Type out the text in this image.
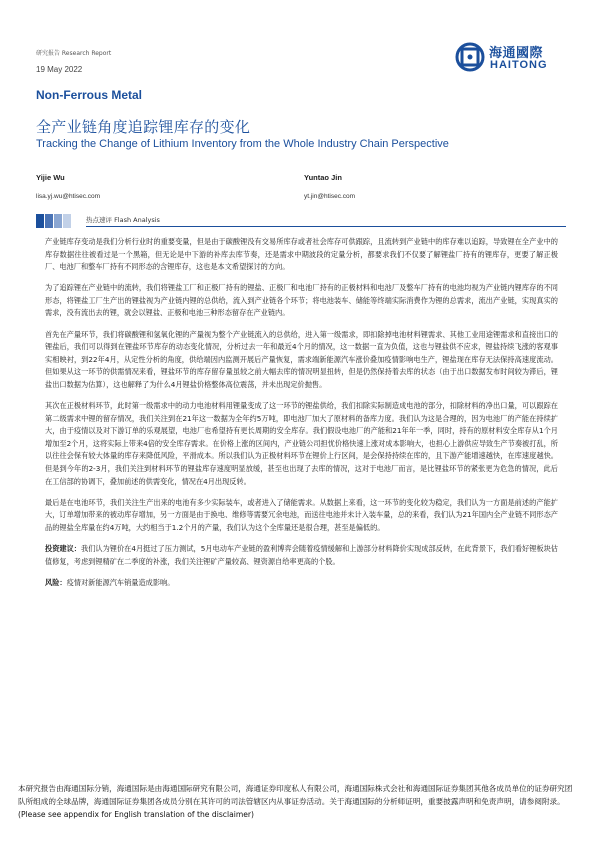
研究报告 Research Report
19 May 2022
海通國際
HAITONG
Non-Ferrous Metal
全产业链角度追踪锂库存的变化
Tracking the Change of Lithium Inventory from the Whole Industry Chain Perspective
Yijie Wu
lisa.yj.wu@htisec.com
Yuntao Jin
yt.jin@htisec.com
热点速评 Flash Analysis

产业链库存变动是我们分析行业时的重要变量，但是由于碳酸锂没有交易所库存或者社会库存可供跟踪，且流转到产业链中的库存难以追踪，导致锂在全产业中的库存数据往往被看过是一个黑箱，但无论是中下游的补库去库节奏，还是需求中期波段的定量分析，都要求我们不仅要了解锂盐厂持有的锂库存，更要了解正极厂、电池厂和整车厂持有不同形态的含锂库存，这也是本文希望探讨的方向。

为了追踪锂在产业链中的流转，我们将锂盐工厂和正极厂持有的锂盐、正极厂和电池厂持有的正极材料和电池厂及整车厂持有的电池均视为产业链内锂库存的不同形态，将锂盐工厂生产出的锂盐视为产业链内锂的总供给，流入到产业链各个环节；将电池装车、储能等终端实际消费作为锂的总需求，流出产业链，实现真实的需求，没有流出去的锂，就会以锂盐、正极和电池三种形态留存在产业链内。

首先在产量环节，我们将碳酸锂和氢氧化锂的产量视为整个产业链流入的总供给，进入第一级需求，即扣除掉电池材料锂需求、其他工业用途锂需求和直接出口的锂盐后，我们可以得到在锂盐环节库存的动态变化情况，分析过去一年和最近4个月的情况，这一数据一直为负值，这也与锂盐供不应求，锂盐持续飞涨的客观事实相映衬，到22年4月，从定性分析的角度，供给端因内监测开展后产量恢复，需求端新能源汽车涨价叠加疫情影响电生产，锂盐现在库存无法保持高速度流动。但如果从这一环节的供需情况来看，锂盐环节的库存留存量虽较之前大幅去库的情况明显扭转，但是仍然保持着去库的状态（由于出口数据发布时间较为滞后，锂盐出口数据为估算），这也解释了为什么4月锂盐价格整体高位震荡，并未出现定价抛售。

其次在正极材料环节，此时第一级需求中的动力电池材料用锂量变成了这一环节的锂盐供给，我们扣除实际制造成电池的部分，扣除材料的净出口量，可以跟踪在第二级需求中锂的留存情况，我们关注到在21年这一数据为全年约5万吨，即电池厂加大了原材料的备库力度。我们认为这是合理的，因为电池厂的产能在持续扩大，由于疫情以及对下游订单的乐观展望，电池厂也希望持有更长周期的安全库存。我们假设电池厂的产能和21年年一季，同时，持有的原材料安全库存从1个月增加至2个月，这将实际上带来4倍的安全库存需求。在价格上涨的区间内，产业链公司担忧价格快速上涨对成本影响大，也担心上游供应导致生产节奏被打乱，所以往往会保有较大体量的库存来降低风险，平滑成本。所以我们认为正极材料环节在锂价上行区间，是会保持持续在库的，且下游产能增速越快，在库速度越快。但是到今年的2-3月，我们关注到材料环节的锂盐库存速度明显放缓，甚至也出现了去库的情况，这对于电池厂而言，是比锂盐环节的紧张更为危急的情况，此后在工信部的协调下，叠加前述的供需变化，情况在4月出现反转。

最后是在电池环节，我们关注生产出来的电池有多少实际装车，或者进入了储能需求。从数据上来看，这一环节的变化较为稳定，我们认为一方面是前述的产能扩大，订单增加带来的被动库存增加，另一方面是由于换电、维修等需要冗余电池，而送往电池并未计入装车量，总的来看，我们认为21年国内全产业链不同形态产品的锂盐全库量在约4万吨，大约相当于1.2个月的产量，我们认为这个全库量还是很合理，甚至是偏低的。

投资建议：我们认为锂价在4月挺过了压力测试，5月电动车产业链的盈利博弈会随着疫情缓解和上游部分材料降价实现成部反转，在此背景下，我们看好锂板块估值修复，考虑到锂精矿在二季度的补涨，我们关注锂矿产量较高、锂资源自给率更高的个股。

风险：疫情对新能源汽车销量造成影响。

本研究报告由海通国际分销，海通国际是由海通国际研究有限公司，海通证券印度私人有限公司，海通国际株式会社和海通国际证券集团其他各成员单位的证券研究团队所组成的全球品牌，海通国际证券集团各成员分别在其许可的司法管辖区内从事证券活动。关于海通国际的分析师证明，重要披露声明和免责声明，请参阅附录。(Please see appendix for English translation of the disclaimer)
